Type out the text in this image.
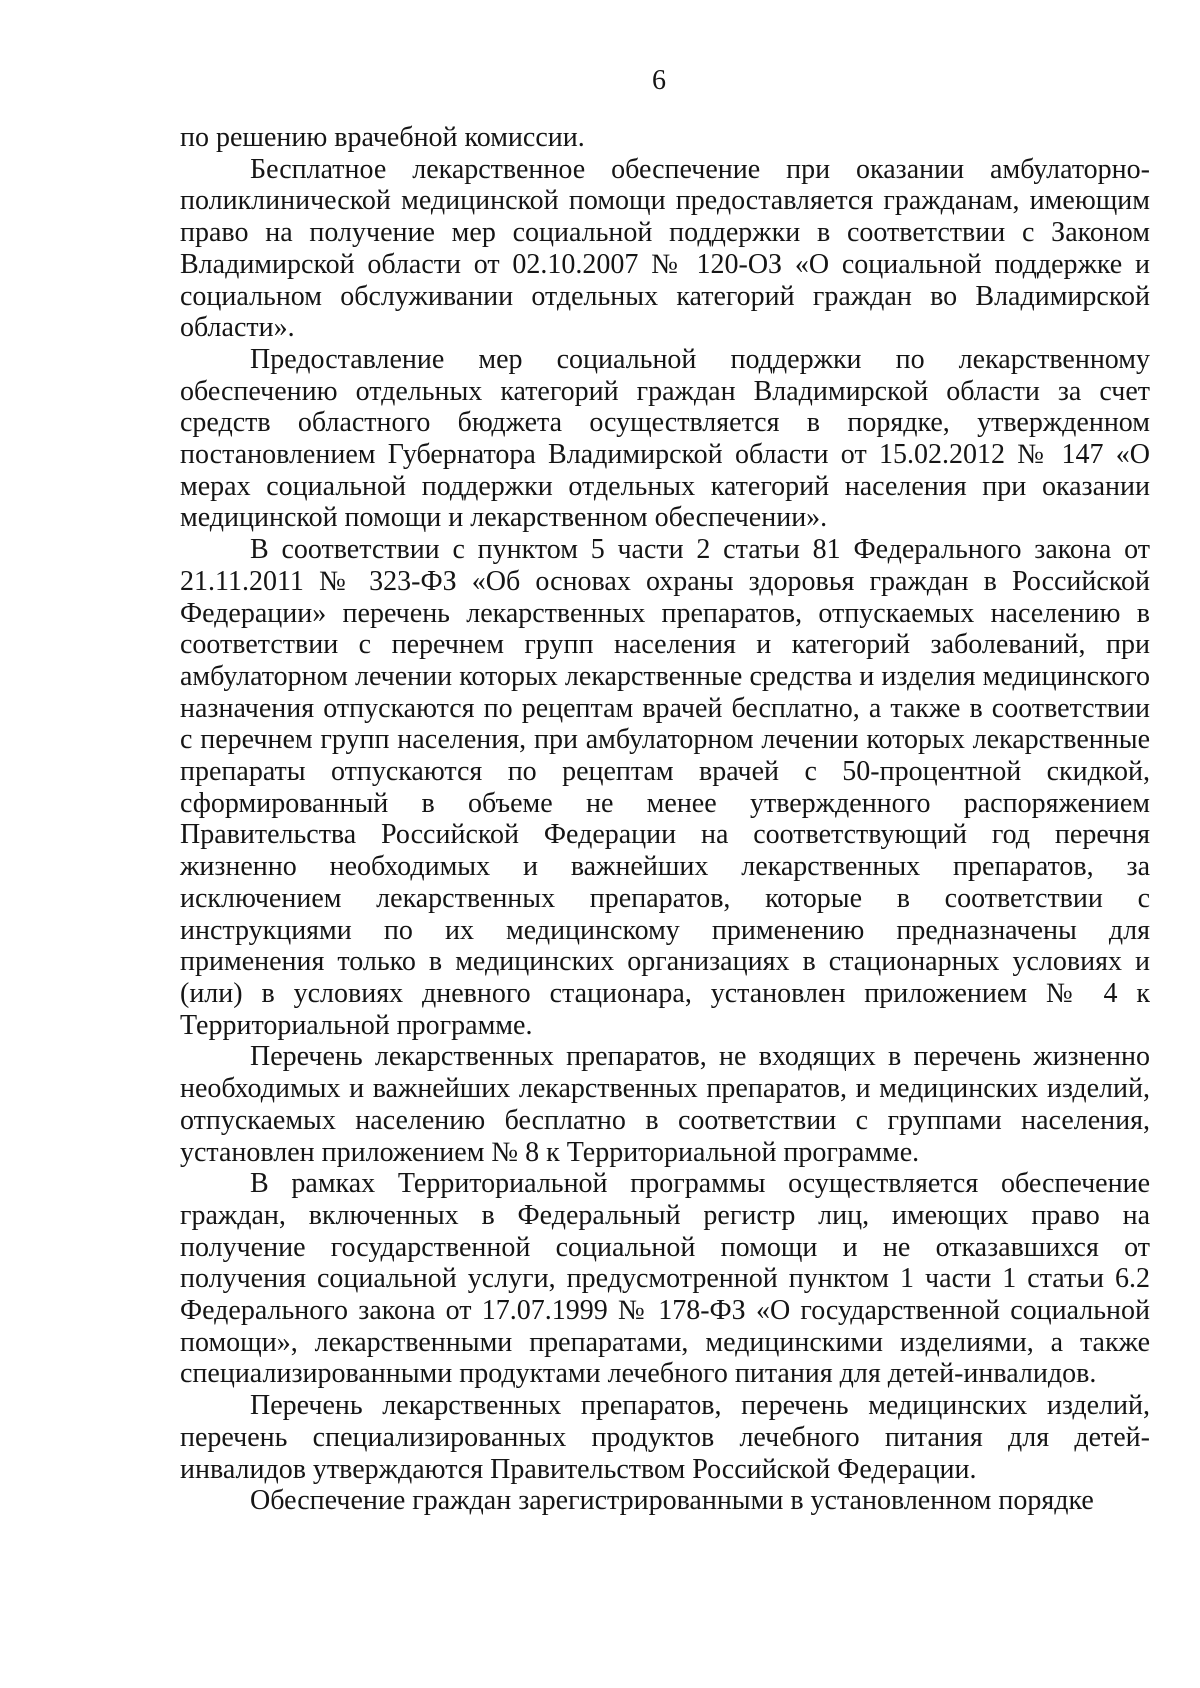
6

по решению врачебной комиссии.

Бесплатное лекарственное обеспечение при оказании амбулаторно-поликлинической медицинской помощи предоставляется гражданам, имеющим право на получение мер социальной поддержки в соответствии с Законом Владимирской области от 02.10.2007 № 120-ОЗ «О социальной поддержке и социальном обслуживании отдельных категорий граждан во Владимирской области».

Предоставление мер социальной поддержки по лекарственному обеспечению отдельных категорий граждан Владимирской области за счет средств областного бюджета осуществляется в порядке, утвержденном постановлением Губернатора Владимирской области от 15.02.2012 № 147 «О мерах социальной поддержки отдельных категорий населения при оказании медицинской помощи и лекарственном обеспечении».

В соответствии с пунктом 5 части 2 статьи 81 Федерального закона от 21.11.2011 № 323-ФЗ «Об основах охраны здоровья граждан в Российской Федерации» перечень лекарственных препаратов, отпускаемых населению в соответствии с перечнем групп населения и категорий заболеваний, при амбулаторном лечении которых лекарственные средства и изделия медицинского назначения отпускаются по рецептам врачей бесплатно, а также в соответствии с перечнем групп населения, при амбулаторном лечении которых лекарственные препараты отпускаются по рецептам врачей с 50-процентной скидкой, сформированный в объеме не менее утвержденного распоряжением Правительства Российской Федерации на соответствующий год перечня жизненно необходимых и важнейших лекарственных препаратов, за исключением лекарственных препаратов, которые в соответствии с инструкциями по их медицинскому применению предназначены для применения только в медицинских организациях в стационарных условиях и (или) в условиях дневного стационара, установлен приложением № 4 к Территориальной программе.

Перечень лекарственных препаратов, не входящих в перечень жизненно необходимых и важнейших лекарственных препаратов, и медицинских изделий, отпускаемых населению бесплатно в соответствии с группами населения, установлен приложением № 8 к Территориальной программе.

В рамках Территориальной программы осуществляется обеспечение граждан, включенных в Федеральный регистр лиц, имеющих право на получение государственной социальной помощи и не отказавшихся от получения социальной услуги, предусмотренной пунктом 1 части 1 статьи 6.2 Федерального закона от 17.07.1999 № 178-ФЗ «О государственной социальной помощи», лекарственными препаратами, медицинскими изделиями, а также специализированными продуктами лечебного питания для детей-инвалидов.

Перечень лекарственных препаратов, перечень медицинских изделий, перечень специализированных продуктов лечебного питания для детей-инвалидов утверждаются Правительством Российской Федерации.

Обеспечение граждан зарегистрированными в установленном порядке
